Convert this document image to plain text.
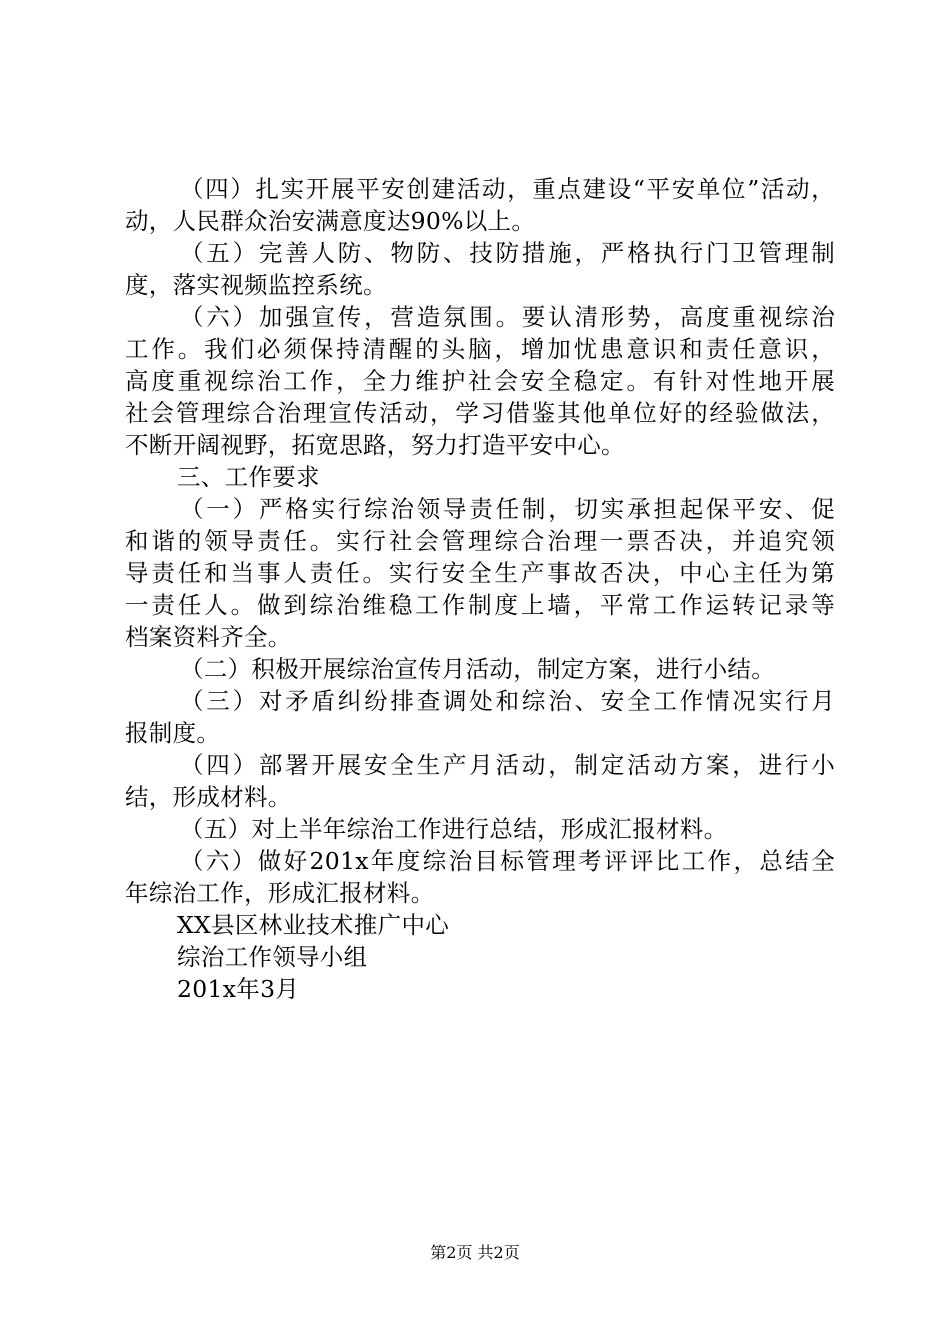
（四）扎实开展平安创建活动，重点建设“平安单位”活动，
动，人民群众治安满意度达90%以上。
（五）完善人防、物防、技防措施，严格执行门卫管理制
度，落实视频监控系统。
（六）加强宣传，营造氛围。要认清形势，高度重视综治
工作。我们必须保持清醒的头脑，增加忧患意识和责任意识，
高度重视综治工作，全力维护社会安全稳定。有针对性地开展
社会管理综合治理宣传活动，学习借鉴其他单位好的经验做法，
不断开阔视野，拓宽思路，努力打造平安中心。
三、工作要求
（一）严格实行综治领导责任制，切实承担起保平安、促
和谐的领导责任。实行社会管理综合治理一票否决，并追究领
导责任和当事人责任。实行安全生产事故否决，中心主任为第
一责任人。做到综治维稳工作制度上墙，平常工作运转记录等
档案资料齐全。
（二）积极开展综治宣传月活动，制定方案，进行小结。
（三）对矛盾纠纷排查调处和综治、安全工作情况实行月
报制度。
（四）部署开展安全生产月活动，制定活动方案，进行小
结，形成材料。
（五）对上半年综治工作进行总结，形成汇报材料。
（六）做好201x年度综治目标管理考评评比工作，总结全
年综治工作，形成汇报材料。
XX县区林业技术推广中心
综治工作领导小组
201x年3月
第2页 共2页
